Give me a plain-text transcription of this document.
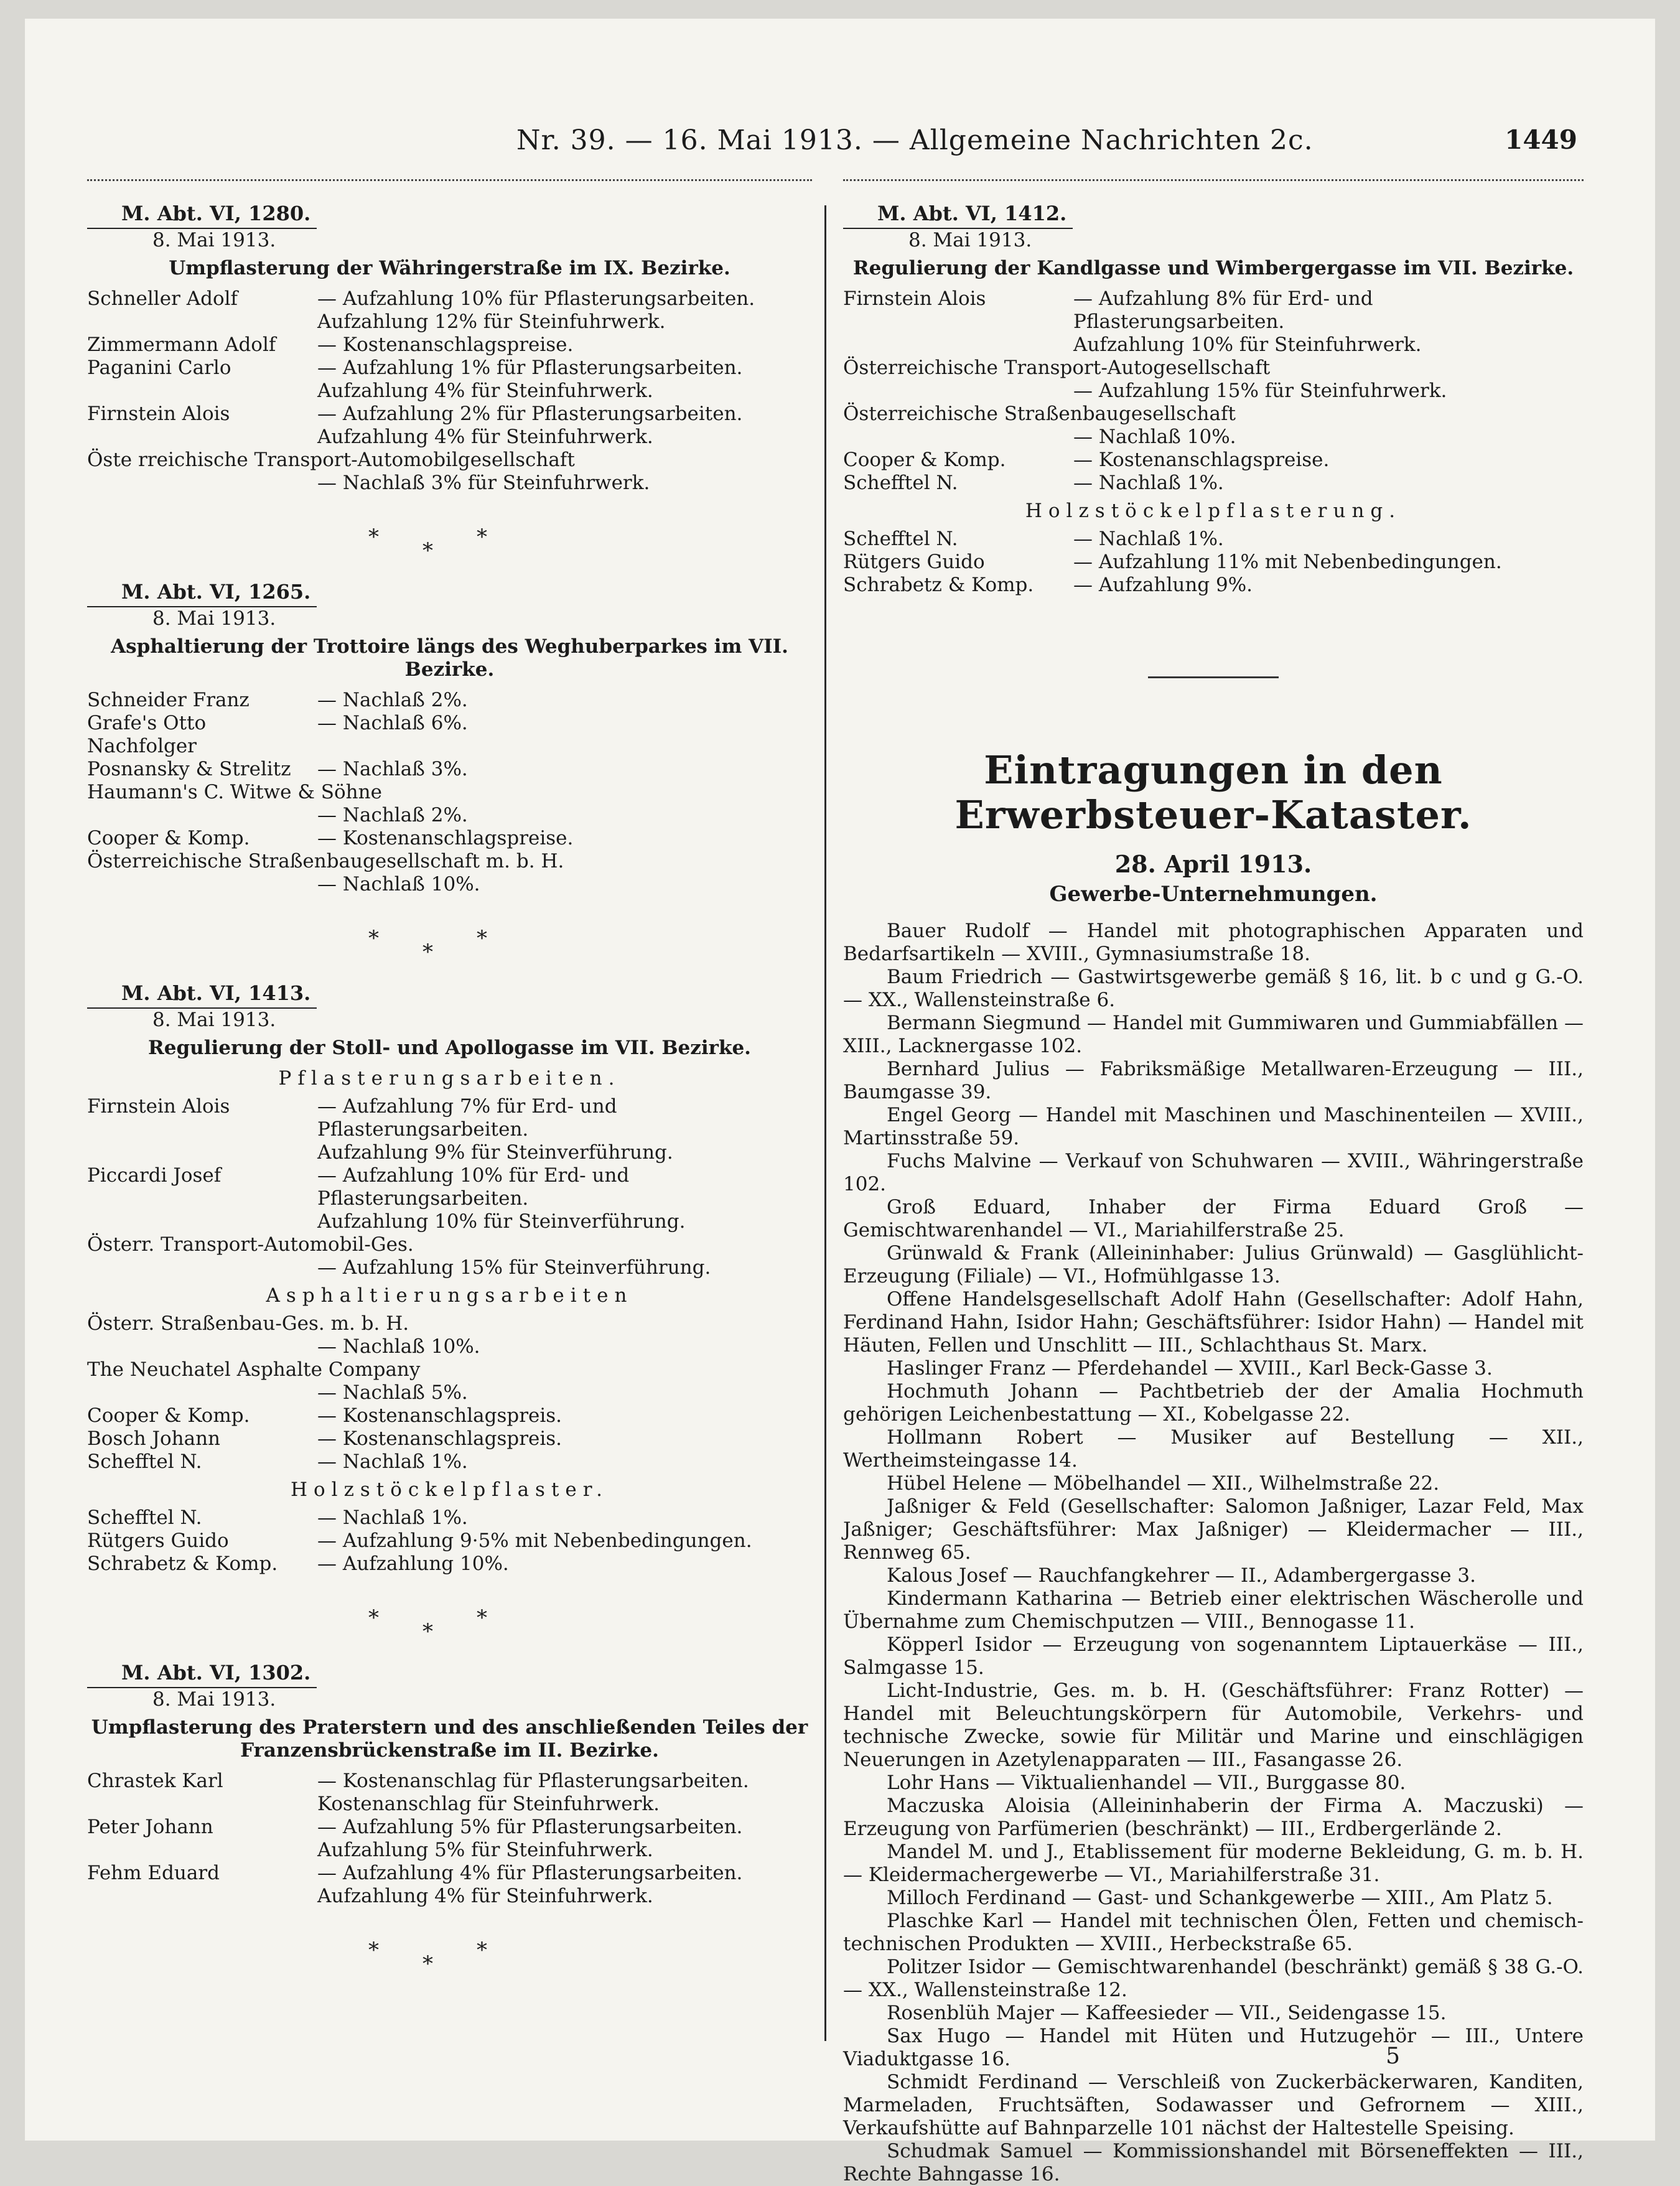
Nr. 39. — 16. Mai 1913. — Allgemeine Nachrichten 2c.	1449
M. Abt. VI, 1280.
8. Mai 1913.
Umpflasterung der Währingerstraße im IX. Bezirke.
Schneller Adolf	— Aufzahlung 10% für Pflasterungsarbeiten.
Aufzahlung 12% für Steinfuhrwerk.
Zimmermann Adolf	— Kostenanschlagspreise.
Paganini Carlo	— Aufzahlung 1% für Pflasterungsarbeiten.
Aufzahlung 4% für Steinfuhrwerk.
Firnstein Alois	— Aufzahlung 2% für Pflasterungsarbeiten.
Aufzahlung 4% für Steinfuhrwerk.
Öste rreichische Transport-Automobilgesellschaft
— Nachlaß 3% für Steinfuhrwerk.
***
M. Abt. VI, 1265.
8. Mai 1913.
Asphaltierung der Trottoire längs des Weghuberparkes im VII. Bezirke.
Schneider Franz	— Nachlaß 2%.
Grafe's Otto Nachfolger
— Nachlaß 6%.
Posnansky & Strelitz	— Nachlaß 3%.
Haumann's C. Witwe & Söhne
— Nachlaß 2%.
Cooper & Komp.	— Kostenanschlagspreise.
Österreichische Straßenbaugesellschaft m. b. H.
— Nachlaß 10%.
***
M. Abt. VI, 1413.
8. Mai 1913.
Regulierung der Stoll- und Apollogasse im VII. Bezirke.
Pflasterungsarbeiten.
Firnstein Alois	— Aufzahlung 7% für Erd- und Pflasterungsarbeiten.
Aufzahlung 9% für Steinverführung.
Piccardi Josef	— Aufzahlung 10% für Erd- und Pflasterungsarbeiten.
Aufzahlung 10% für Steinverführung.
Österr. Transport-Automobil-Ges.
— Aufzahlung 15% für Steinverführung.
Asphaltierungsarbeiten
Österr. Straßenbau-Ges. m. b. H.
— Nachlaß 10%.
The Neuchatel Asphalte Company
— Nachlaß 5%.
Cooper & Komp.	— Kostenanschlagspreis.
Bosch Johann	— Kostenanschlagspreis.
Schefftel N.	— Nachlaß 1%.
Holzstöckelpflaster.
Schefftel N.	— Nachlaß 1%.
Rütgers Guido	— Aufzahlung 9·5% mit Nebenbedingungen.
Schrabetz & Komp.	— Aufzahlung 10%.
***
M. Abt. VI, 1302.
8. Mai 1913.
Umpflasterung des Praterstern und des anschließenden Teiles der Franzensbrückenstraße im II. Bezirke.
Chrastek Karl	— Kostenanschlag für Pflasterungsarbeiten.
Kostenanschlag für Steinfuhrwerk.
Peter Johann	— Aufzahlung 5% für Pflasterungsarbeiten.
Aufzahlung 5% für Steinfuhrwerk.
Fehm Eduard	— Aufzahlung 4% für Pflasterungsarbeiten.
Aufzahlung 4% für Steinfuhrwerk.
***
M. Abt. VI, 1412.
8. Mai 1913.
Regulierung der Kandlgasse und Wimbergergasse im VII. Bezirke.
Firnstein Alois	— Aufzahlung 8% für Erd- und Pflasterungsarbeiten.
Aufzahlung 10% für Steinfuhrwerk.
Österreichische Transport-Autogesellschaft
— Aufzahlung 15% für Steinfuhrwerk.
Österreichische Straßenbaugesellschaft
— Nachlaß 10%.
Cooper & Komp.	— Kostenanschlagspreise.
Schefftel N.	— Nachlaß 1%.
Holzstöckelpflasterung.
Schefftel N.	— Nachlaß 1%.
Rütgers Guido	— Aufzahlung 11% mit Nebenbedingungen.
Schrabetz & Komp.	— Aufzahlung 9%.
Eintragungen in den Erwerbsteuer-Kataster.
28. April 1913.
Gewerbe-Unternehmungen.

Bauer Rudolf — Handel mit photographischen Apparaten und Bedarfsartikeln — XVIII., Gymnasiumstraße 18.

Baum Friedrich — Gastwirtsgewerbe gemäß § 16, lit. b c und g G.-O. — XX., Wallensteinstraße 6.

Bermann Siegmund — Handel mit Gummiwaren und Gummiabfällen — XIII., Lacknergasse 102.

Bernhard Julius — Fabriksmäßige Metallwaren-Erzeugung — III., Baumgasse 39.

Engel Georg — Handel mit Maschinen und Maschinenteilen — XVIII., Martinsstraße 59.

Fuchs Malvine — Verkauf von Schuhwaren — XVIII., Währingerstraße 102.

Groß Eduard, Inhaber der Firma Eduard Groß — Gemischtwarenhandel — VI., Mariahilferstraße 25.

Grünwald & Frank (Alleininhaber: Julius Grünwald) — Gasglühlicht-Erzeugung (Filiale) — VI., Hofmühlgasse 13.

Offene Handelsgesellschaft Adolf Hahn (Gesellschafter: Adolf Hahn, Ferdinand Hahn, Isidor Hahn; Geschäftsführer: Isidor Hahn) — Handel mit Häuten, Fellen und Unschlitt — III., Schlachthaus St. Marx.

Haslinger Franz — Pferdehandel — XVIII., Karl Beck-Gasse 3.

Hochmuth Johann — Pachtbetrieb der der Amalia Hochmuth gehörigen Leichenbestattung — XI., Kobelgasse 22.

Hollmann Robert — Musiker auf Bestellung — XII., Wertheimsteingasse 14.

Hübel Helene — Möbelhandel — XII., Wilhelmstraße 22.

Jaßniger & Feld (Gesellschafter: Salomon Jaßniger, Lazar Feld, Max Jaßniger; Geschäftsführer: Max Jaßniger) — Kleidermacher — III., Rennweg 65.

Kalous Josef — Rauchfangkehrer — II., Adambergergasse 3.

Kindermann Katharina — Betrieb einer elektrischen Wäscherolle und Übernahme zum Chemischputzen — VIII., Bennogasse 11.

Köpperl Isidor — Erzeugung von sogenanntem Liptauerkäse — III., Salmgasse 15.

Licht-Industrie, Ges. m. b. H. (Geschäftsführer: Franz Rotter) — Handel mit Beleuchtungskörpern für Automobile, Verkehrs- und technische Zwecke, sowie für Militär und Marine und einschlägigen Neuerungen in Azetylenapparaten — III., Fasangasse 26.

Lohr Hans — Viktualienhandel — VII., Burggasse 80.

Maczuska Aloisia (Alleininhaberin der Firma A. Maczuski) — Erzeugung von Parfümerien (beschränkt) — III., Erdbergerlände 2.

Mandel M. und J., Etablissement für moderne Bekleidung, G. m. b. H. — Kleidermachergewerbe — VI., Mariahilferstraße 31.

Milloch Ferdinand — Gast- und Schankgewerbe — XIII., Am Platz 5.

Plaschke Karl — Handel mit technischen Ölen, Fetten und chemisch-technischen Produkten — XVIII., Herbeckstraße 65.

Politzer Isidor — Gemischtwarenhandel (beschränkt) gemäß § 38 G.-O. — XX., Wallensteinstraße 12.

Rosenblüh Majer — Kaffeesieder — VII., Seidengasse 15.

Sax Hugo — Handel mit Hüten und Hutzugehör — III., Untere Viaduktgasse 16.

Schmidt Ferdinand — Verschleiß von Zuckerbäckerwaren, Kanditen, Marmeladen, Fruchtsäften, Sodawasser und Gefrornem — XIII., Verkaufshütte auf Bahnparzelle 101 nächst der Haltestelle Speising.

Schudmak Samuel — Kommissionshandel mit Börseneffekten — III., Rechte Bahngasse 16.

5
